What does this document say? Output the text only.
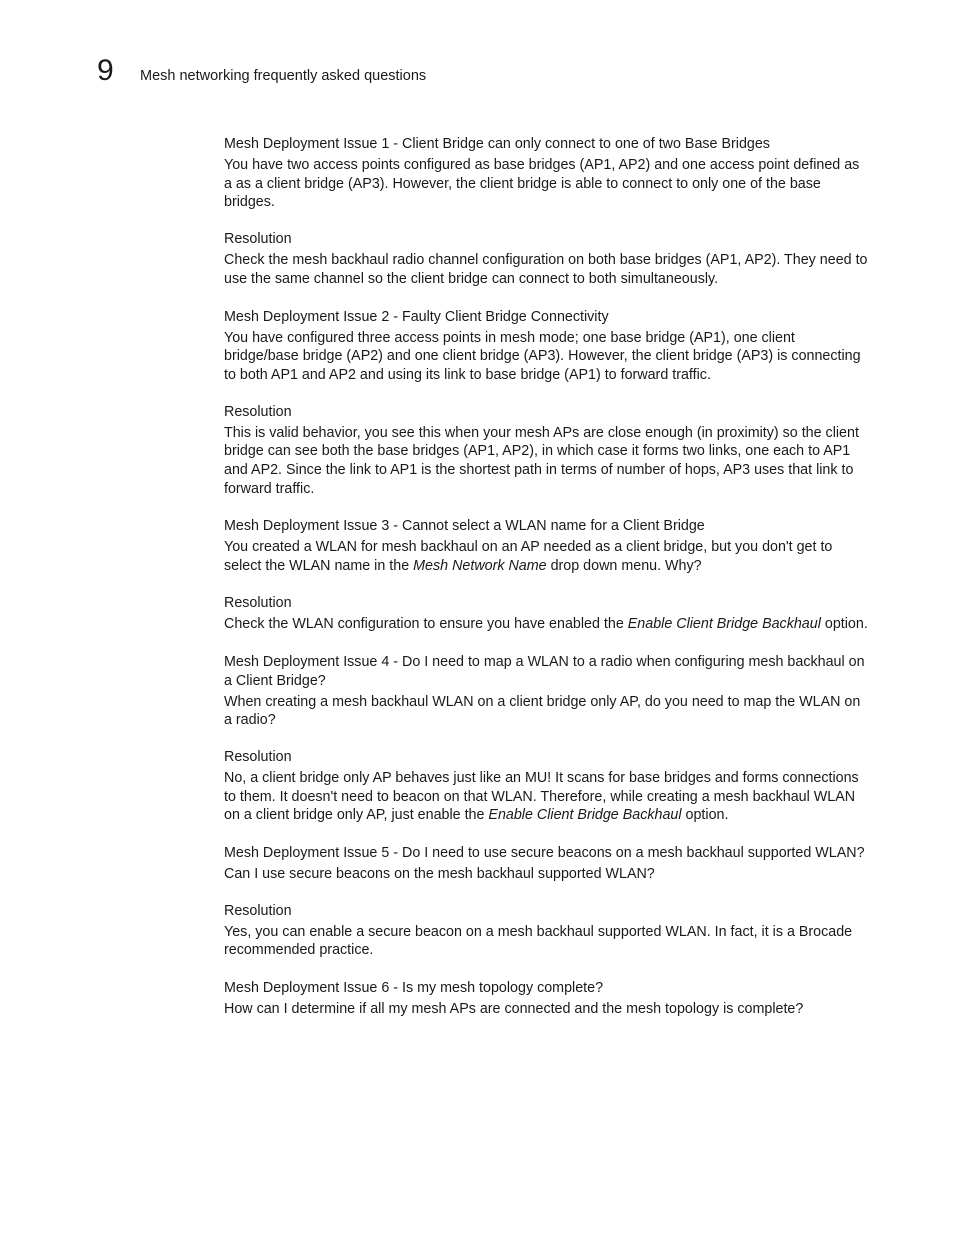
9	Mesh networking frequently asked questions

Mesh Deployment Issue 1 - Client Bridge can only connect to one of two Base Bridges

You have two access points configured as base bridges (AP1, AP2) and one access point defined as a as a client bridge (AP3). However, the client bridge is able to connect to only one of the base bridges.

Resolution

Check the mesh backhaul radio channel configuration on both base bridges (AP1, AP2). They need to use the same channel so the client bridge can connect to both simultaneously.

Mesh Deployment Issue 2 - Faulty Client Bridge Connectivity

You have configured three access points in mesh mode; one base bridge (AP1), one client bridge/base bridge (AP2) and one client bridge (AP3). However, the client bridge (AP3) is connecting to both AP1 and AP2 and using its link to base bridge (AP1) to forward traffic.

Resolution

This is valid behavior, you see this when your mesh APs are close enough (in proximity) so the client bridge can see both the base bridges (AP1, AP2), in which case it forms two links, one each to AP1 and AP2. Since the link to AP1 is the shortest path in terms of number of hops, AP3 uses that link to forward traffic.

Mesh Deployment Issue 3 - Cannot select a WLAN name for a Client Bridge

You created a WLAN for mesh backhaul on an AP needed as a client bridge, but you don't get to select the WLAN name in the Mesh Network Name drop down menu. Why?

Resolution

Check the WLAN configuration to ensure you have enabled the Enable Client Bridge Backhaul option.

Mesh Deployment Issue 4 - Do I need to map a WLAN to a radio when configuring mesh backhaul on a Client Bridge?

When creating a mesh backhaul WLAN on a client bridge only AP, do you need to map the WLAN on a radio?

Resolution

No, a client bridge only AP behaves just like an MU! It scans for base bridges and forms connections to them. It doesn't need to beacon on that WLAN. Therefore, while creating a mesh backhaul WLAN on a client bridge only AP, just enable the Enable Client Bridge Backhaul option.

Mesh Deployment Issue 5 - Do I need to use secure beacons on a mesh backhaul supported WLAN?

Can I use secure beacons on the mesh backhaul supported WLAN?

Resolution

Yes, you can enable a secure beacon on a mesh backhaul supported WLAN. In fact, it is a Brocade recommended practice.

Mesh Deployment Issue 6 - Is my mesh topology complete?

How can I determine if all my mesh APs are connected and the mesh topology is complete?
